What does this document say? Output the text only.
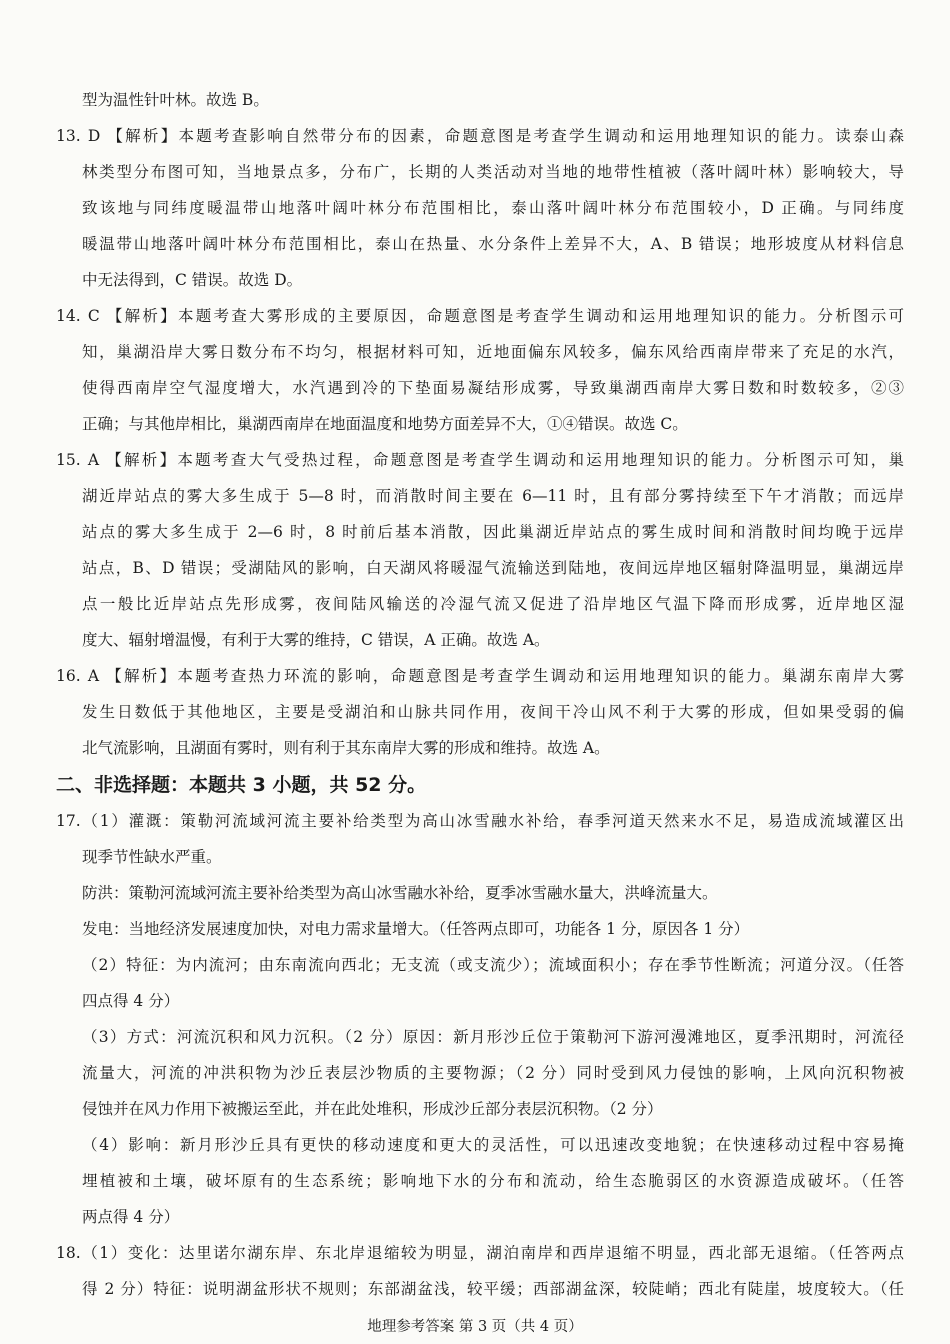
型为温性针叶林。故选 B。
13. D 【解析】本题考查影响自然带分布的因素，命题意图是考查学生调动和运用地理知识的能力。读泰山森
林类型分布图可知，当地景点多，分布广，长期的人类活动对当地的地带性植被（落叶阔叶林）影响较大，导
致该地与同纬度暖温带山地落叶阔叶林分布范围相比，泰山落叶阔叶林分布范围较小，D 正确。与同纬度
暖温带山地落叶阔叶林分布范围相比，泰山在热量、水分条件上差异不大，A、B 错误；地形坡度从材料信息
中无法得到，C 错误。故选 D。
14. C 【解析】本题考查大雾形成的主要原因，命题意图是考查学生调动和运用地理知识的能力。分析图示可
知，巢湖沿岸大雾日数分布不均匀，根据材料可知，近地面偏东风较多，偏东风给西南岸带来了充足的水汽，
使得西南岸空气湿度增大，水汽遇到冷的下垫面易凝结形成雾，导致巢湖西南岸大雾日数和时数较多，②③
正确；与其他岸相比，巢湖西南岸在地面温度和地势方面差异不大，①④错误。故选 C。
15. A 【解析】本题考查大气受热过程，命题意图是考查学生调动和运用地理知识的能力。分析图示可知，巢
湖近岸站点的雾大多生成于 5—8 时，而消散时间主要在 6—11 时，且有部分雾持续至下午才消散；而远岸
站点的雾大多生成于 2—6 时，8 时前后基本消散，因此巢湖近岸站点的雾生成时间和消散时间均晚于远岸
站点，B、D 错误；受湖陆风的影响，白天湖风将暖湿气流输送到陆地，夜间远岸地区辐射降温明显，巢湖远岸
点一般比近岸站点先形成雾，夜间陆风输送的冷湿气流又促进了沿岸地区气温下降而形成雾，近岸地区湿
度大、辐射增温慢，有利于大雾的维持，C 错误，A 正确。故选 A。
16. A 【解析】本题考查热力环流的影响，命题意图是考查学生调动和运用地理知识的能力。巢湖东南岸大雾
发生日数低于其他地区，主要是受湖泊和山脉共同作用，夜间干冷山风不利于大雾的形成，但如果受弱的偏
北气流影响，且湖面有雾时，则有利于其东南岸大雾的形成和维持。故选 A。
二、非选择题：本题共 3 小题，共 52 分。
17.（1）灌溉：策勒河流域河流主要补给类型为高山冰雪融水补给，春季河道天然来水不足，易造成流域灌区出
现季节性缺水严重。
防洪：策勒河流域河流主要补给类型为高山冰雪融水补给，夏季冰雪融水量大，洪峰流量大。
发电：当地经济发展速度加快，对电力需求量增大。（任答两点即可，功能各 1 分，原因各 1 分）
（2）特征：为内流河；由东南流向西北；无支流（或支流少）；流域面积小；存在季节性断流；河道分汊。（任答
四点得 4 分）
（3）方式：河流沉积和风力沉积。（2 分）原因：新月形沙丘位于策勒河下游河漫滩地区，夏季汛期时，河流径
流量大，河流的冲洪积物为沙丘表层沙物质的主要物源；（2 分）同时受到风力侵蚀的影响，上风向沉积物被
侵蚀并在风力作用下被搬运至此，并在此处堆积，形成沙丘部分表层沉积物。（2 分）
（4）影响：新月形沙丘具有更快的移动速度和更大的灵活性，可以迅速改变地貌；在快速移动过程中容易掩
埋植被和土壤，破坏原有的生态系统；影响地下水的分布和流动，给生态脆弱区的水资源造成破坏。（任答
两点得 4 分）
18.（1）变化：达里诺尔湖东岸、东北岸退缩较为明显，湖泊南岸和西岸退缩不明显，西北部无退缩。（任答两点
得 2 分）特征：说明湖盆形状不规则；东部湖盆浅，较平缓；西部湖盆深，较陡峭；西北有陡崖，坡度较大。（任
地理参考答案 第 3 页（共 4 页）
